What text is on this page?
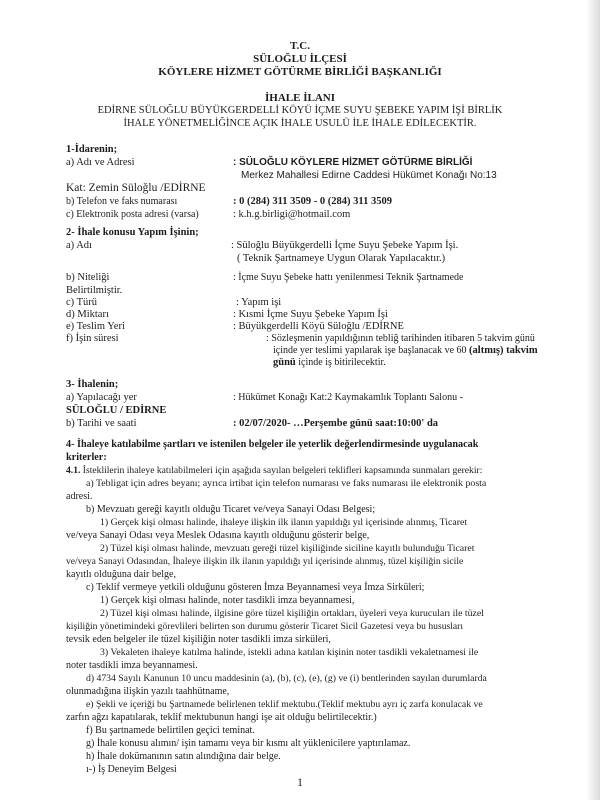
T.C.
SÜLOĞLU İLÇESİ
KÖYLERE HİZMET GÖTÜRME BİRLİĞİ BAŞKANLIĞI
İHALE İLANI
EDİRNE SÜLOĞLU BÜYÜKGERDELLİ KÖYÜ İÇME SUYU ŞEBEKE YAPIM İŞİ BİRLİK
İHALE YÖNETMELİĞİNCE AÇIK İHALE USULÜ İLE İHALE EDİLECEKTİR.
1-İdarenin;
a) Adı ve Adresi	: SÜLOĞLU KÖYLERE HİZMET GÖTÜRME BİRLİĞİ
Merkez Mahallesi Edirne Caddesi Hükümet Konağı No:13
Kat: Zemin Süloğlu /EDİRNE
b) Telefon ve faks numarası	: 0 (284) 311 3509 - 0 (284) 311 3509
c) Elektronik posta adresi (varsa)	: k.h.g.birligi@hotmail.com
2- İhale konusu Yapım İşinin;
a) Adı	: Süloğlu Büyükgerdelli İçme Suyu Şebeke Yapım İşi.
( Teknik Şartnameye Uygun Olarak Yapılacaktır.)
b) Niteliği	: İçme Suyu Şebeke hattı yenilenmesi Teknik Şartnamede
Belirtilmiştir.
c) Türü	: Yapım işi
d) Miktarı	: Kısmi İçme Suyu Şebeke Yapım İşi
e) Teslim Yeri	: Büyükgerdelli Köyü Süloğlu /EDİRNE
f) İşin süresi	: Sözleşmenin yapıldığının tebliğ tarihinden itibaren 5 takvim günü
içinde yer teslimi yapılarak işe başlanacak ve 60 (altmış) takvim
günü içinde iş bitirilecektir.
3- İhalenin;
a) Yapılacağı yer	: Hükümet Konağı Kat:2 Kaymakamlık Toplantı Salonu -
SÜLOĞLU / EDİRNE
b) Tarihi ve saati	: 02/07/2020- …Perşembe günü saat:10:00' da
4- İhaleye katılabilme şartları ve istenilen belgeler ile yeterlik değerlendirmesinde uygulanacak
kriterler:
4.1. İsteklilerin ihaleye katılabilmeleri için aşağıda sayılan belgeleri teklifleri kapsamında sunmaları gerekir:
a) Tebligat için adres beyanı; ayrıca irtibat için telefon numarası ve faks numarası ile elektronik posta
adresi.
b) Mevzuatı gereği kayıtlı olduğu Ticaret ve/veya Sanayi Odası Belgesi;
1) Gerçek kişi olması halinde, ihaleye ilişkin ilk ilanın yapıldığı yıl içerisinde alınmış, Ticaret
ve/veya Sanayi Odası veya Meslek Odasına kayıtlı olduğunu gösterir belge,
2) Tüzel kişi olması halinde, mevzuatı gereği tüzel kişiliğinde siciline kayıtlı bulunduğu Ticaret
ve/veya Sanayi Odasından, İhaleye ilişkin ilk ilanın yapıldığı yıl içerisinde alınmış, tüzel kişiliğin sicile
kayıtlı olduğuna dair belge,
c) Teklif vermeye yetkili olduğunu gösteren İmza Beyannamesi veya İmza Sirküleri;
1) Gerçek kişi olması halinde, noter tasdikli imza beyannamesi,
2) Tüzel kişi olması halinde, ilgisine göre tüzel kişiliğin ortakları, üyeleri veya kurucuları ile tüzel
kişiliğin yönetimindeki görevlileri belirten son durumu gösterir Ticaret Sicil Gazetesi veya bu hususları
tevsik eden belgeler ile tüzel kişiliğin noter tasdikli imza sirküleri,
3) Vekaleten ihaleye katılma halinde, istekli adına katılan kişinin noter tasdikli vekaletnamesi ile
noter tasdikli imza beyannamesi.
d) 4734 Sayılı Kanunun 10 uncu maddesinin (a), (b), (c), (e), (g) ve (i) bentlerinden sayılan durumlarda
olunmadığına ilişkin yazılı taahhütname,
e) Şekli ve içeriği bu Şartnamede belirlenen teklif mektubu.(Teklif mektubu ayrı iç zarfa konulacak ve
zarfın ağzı kapatılarak, teklif mektubunun hangi işe ait olduğu belirtilecektir.)
f) Bu şartnamede belirtilen geçici teminat.
g) İhale konusu alımın/ işin tamamı veya bir kısmı alt yüklenicilere yaptırılamaz.
h) İhale dokümanının satın alındığına dair belge.
ı-) İş Deneyim Belgesi
1
